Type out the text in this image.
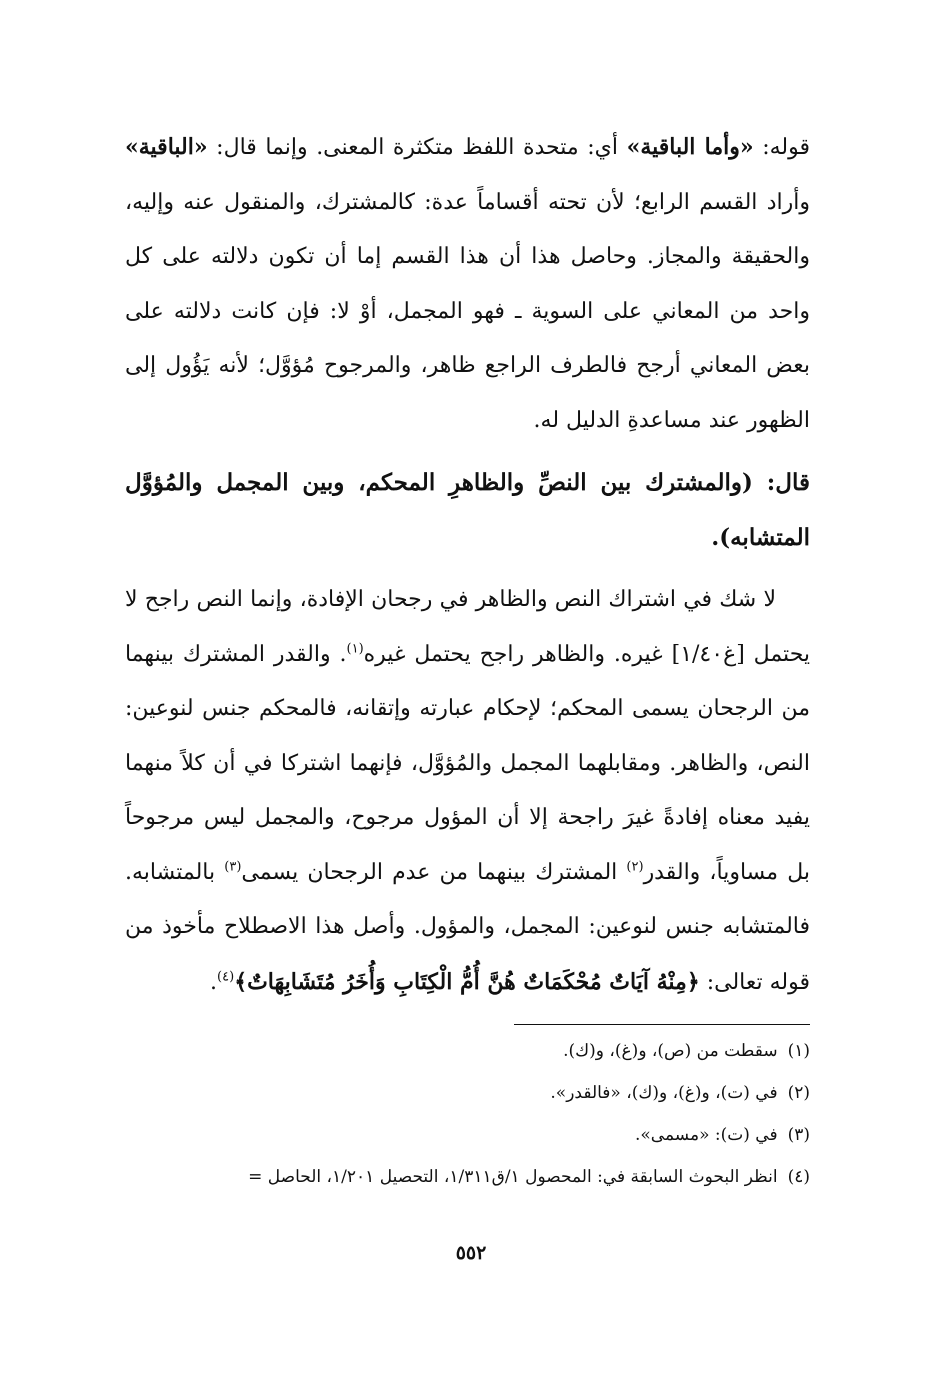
قوله: «وأما الباقية» أي: متحدة اللفظ متكثرة المعنى. وإنما قال: «الباقية» وأراد القسم الرابع؛ لأن تحته أقساماً عدة: كالمشترك، والمنقول عنه وإليه، والحقيقة والمجاز. وحاصل هذا أن هذا القسم إما أن تكون دلالته على كل واحد من المعاني على السوية ـ فهو المجمل، أوْ لا: فإن كانت دلالته على بعض المعاني أرجح فالطرف الراجع ظاهر، والمرجوح مُؤوَّل؛ لأنه يَؤُول إلى الظهور عند مساعدةِ الدليل له.

قال: (والمشترك بين النصِّ والظاهرِ المحكم، وبين المجمل والمُؤوَّل المتشابه).

لا شك في اشتراك النص والظاهر في رجحان الإفادة، وإنما النص راجح لا يحتمل [غ١/٤٠] غيره. والظاهر راجح يحتمل غيره$^{(١)}$. والقدر المشترك بينهما من الرجحان يسمى المحكم؛ لإحكام عبارته وإتقانه، فالمحكم جنس لنوعين: النص، والظاهر. ومقابلهما المجمل والمُؤوَّل، فإنهما اشتركا في أن كلاً منهما يفيد معناه إفادةً غيرَ راجحة إلا أن المؤول مرجوح، والمجمل ليس مرجوحاً بل مساوياً، والقدر$^{(٢)}$ المشترك بينهما من عدم الرجحان يسمى$^{(٣)}$ بالمتشابه. فالمتشابه جنس لنوعين: المجمل، والمؤول. وأصل هذا الاصطلاح مأخوذ من قوله تعالى: ﴿مِنْهُ آيَاتٌ مُحْكَمَاتٌ هُنَّ أُمُّ الْكِتَابِ وَأُخَرُ مُتَشَابِهَاتٌ﴾$^{(٤)}$.

(١)
سقطت من (ص)، و(غ)، و(ك).
(٢)
في (ت)، و(غ)، و(ك)، «فالقدر».
(٣)
في (ت): «مسمى».
(٤)
انظر البحوث السابقة في: المحصول ١/ق١/٣١١، التحصيل ١/٢٠١، الحاصل =
٥٥٢
